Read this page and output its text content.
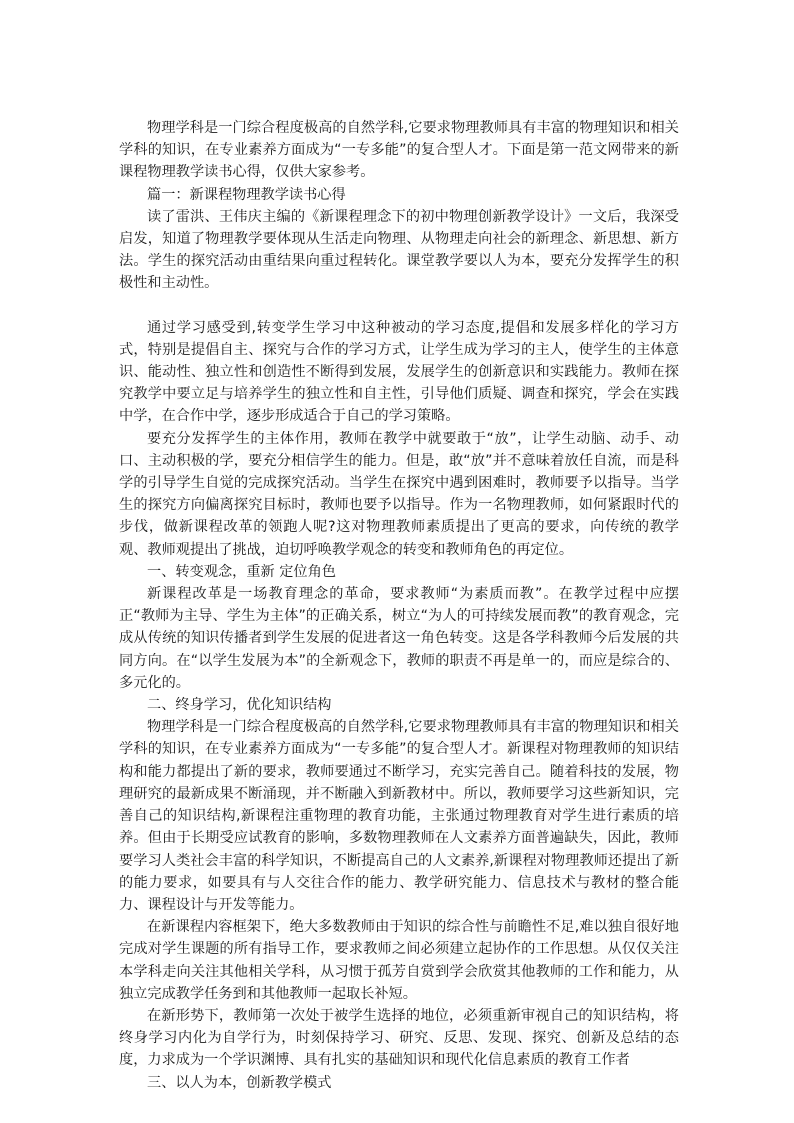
物理学科是一门综合程度极高的自然学科,它要求物理教师具有丰富的物理知识和相关学科的知识，在专业素养方面成为“一专多能”的复合型人才。下面是第一范文网带来的新课程物理教学读书心得，仅供大家参考。

篇一：新课程物理教学读书心得

读了雷洪、王伟庆主编的《新课程理念下的初中物理创新教学设计》一文后，我深受启发，知道了物理教学要体现从生活走向物理、从物理走向社会的新理念、新思想、新方法。学生的探究活动由重结果向重过程转化。课堂教学要以人为本，要充分发挥学生的积极性和主动性。

通过学习感受到,转变学生学习中这种被动的学习态度,提倡和发展多样化的学习方式，特别是提倡自主、探究与合作的学习方式，让学生成为学习的主人，使学生的主体意识、能动性、独立性和创造性不断得到发展，发展学生的创新意识和实践能力。教师在探究教学中要立足与培养学生的独立性和自主性，引导他们质疑、调查和探究，学会在实践中学，在合作中学，逐步形成适合于自己的学习策略。

要充分发挥学生的主体作用，教师在教学中就要敢于“放”，让学生动脑、动手、动口、主动积极的学，要充分相信学生的能力。但是，敢“放”并不意味着放任自流，而是科学的引导学生自觉的完成探究活动。当学生在探究中遇到困难时，教师要予以指导。当学生的探究方向偏离探究目标时，教师也要予以指导。作为一名物理教师，如何紧跟时代的步伐，做新课程改革的领跑人呢?这对物理教师素质提出了更高的要求，向传统的教学观、教师观提出了挑战，迫切呼唤教学观念的转变和教师角色的再定位。

一、转变观念，重新 定位角色

新课程改革是一场教育理念的革命，要求教师“为素质而教”。在教学过程中应摆正“教师为主导、学生为主体”的正确关系，树立“为人的可持续发展而教”的教育观念，完成从传统的知识传播者到学生发展的促进者这一角色转变。这是各学科教师今后发展的共同方向。在“以学生发展为本”的全新观念下，教师的职责不再是单一的，而应是综合的、多元化的。

二、终身学习，优化知识结构

物理学科是一门综合程度极高的自然学科,它要求物理教师具有丰富的物理知识和相关学科的知识，在专业素养方面成为“一专多能”的复合型人才。新课程对物理教师的知识结构和能力都提出了新的要求，教师要通过不断学习，充实完善自己。随着科技的发展，物理研究的最新成果不断涌现，并不断融入到新教材中。所以，教师要学习这些新知识，完善自己的知识结构,新课程注重物理的教育功能，主张通过物理教育对学生进行素质的培养。但由于长期受应试教育的影响，多数物理教师在人文素养方面普遍缺失，因此，教师要学习人类社会丰富的科学知识，不断提高自己的人文素养,新课程对物理教师还提出了新的能力要求，如要具有与人交往合作的能力、教学研究能力、信息技术与教材的整合能力、课程设计与开发等能力。

在新课程内容框架下，绝大多数教师由于知识的综合性与前瞻性不足,难以独自很好地完成对学生课题的所有指导工作，要求教师之间必须建立起协作的工作思想。从仅仅关注本学科走向关注其他相关学科，从习惯于孤芳自赏到学会欣赏其他教师的工作和能力，从独立完成教学任务到和其他教师一起取长补短。

在新形势下，教师第一次处于被学生选择的地位，必须重新审视自己的知识结构，将终身学习内化为自学行为，时刻保持学习、研究、反思、发现、探究、创新及总结的态度，力求成为一个学识渊博、具有扎实的基础知识和现代化信息素质的教育工作者

三、以人为本，创新教学模式
